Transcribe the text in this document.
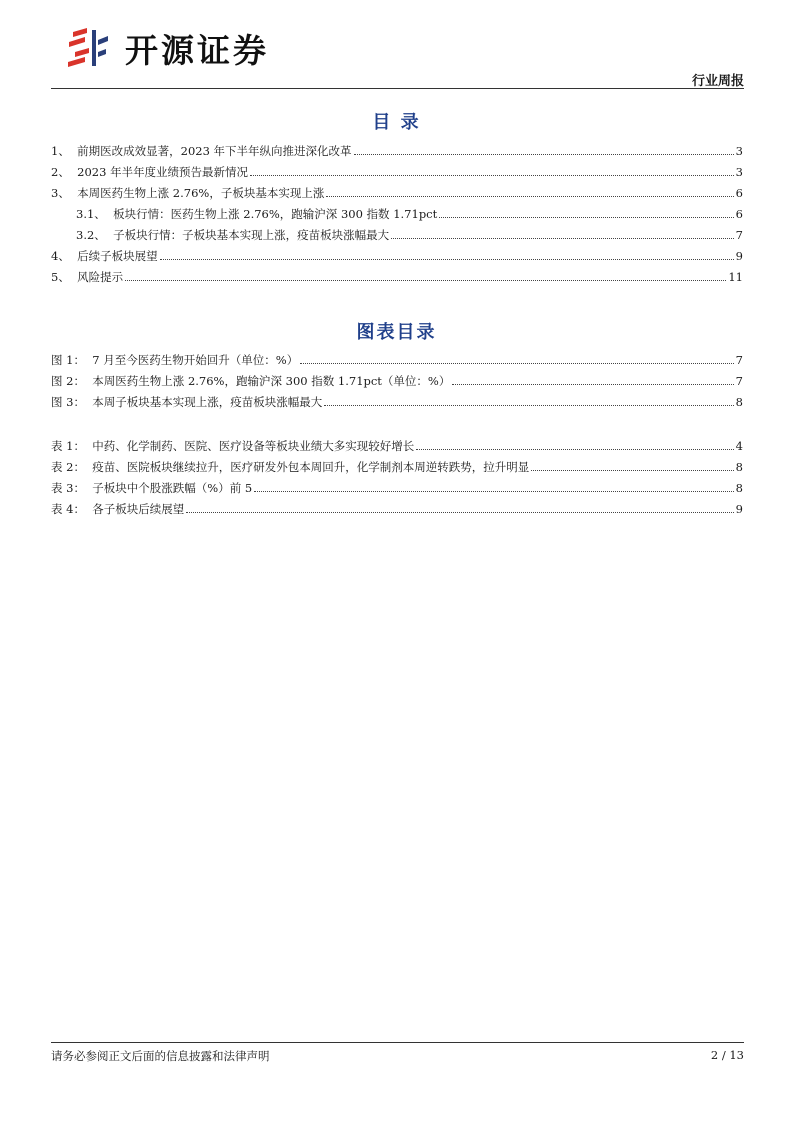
开源证券
行业周报
目 录
1、 前期医改成效显著，2023 年下半年纵向推进深化改革	3
2、 2023 年半年度业绩预告最新情况	3
3、 本周医药生物上涨 2.76%，子板块基本实现上涨	6
3.1、 板块行情：医药生物上涨 2.76%，跑输沪深 300 指数 1.71pct	6
3.2、 子板块行情：子板块基本实现上涨，疫苗板块涨幅最大	7
4、 后续子板块展望	9
5、 风险提示	11
图表目录
图 1： 7 月至今医药生物开始回升（单位：%）	7
图 2： 本周医药生物上涨 2.76%，跑输沪深 300 指数 1.71pct（单位：%）	7
图 3： 本周子板块基本实现上涨，疫苗板块涨幅最大	8
表 1： 中药、化学制药、医院、医疗设备等板块业绩大多实现较好增长	4
表 2： 疫苗、医院板块继续拉升，医疗研发外包本周回升，化学制剂本周逆转跌势，拉升明显	8
表 3： 子板块中个股涨跌幅（%）前 5	8
表 4： 各子板块后续展望	9
请务必参阅正文后面的信息披露和法律声明	2 / 13
